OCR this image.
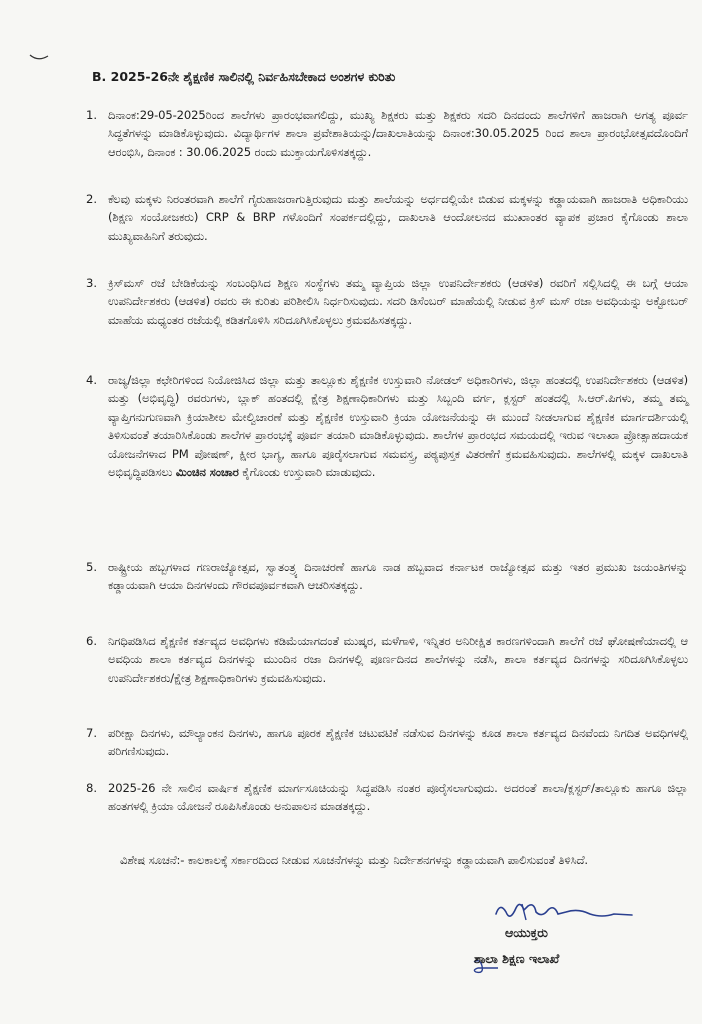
B. 2025-26ನೇ ಶೈಕ್ಷಣಿಕ ಸಾಲಿನಲ್ಲಿ ನಿರ್ವಹಿಸಬೇಕಾದ ಅಂಶಗಳ ಕುರಿತು
1. ದಿನಾಂಕ:29-05-2025ರಿಂದ ಶಾಲೆಗಳು ಪ್ರಾರಂಭವಾಗಲಿದ್ದು, ಮುಖ್ಯ ಶಿಕ್ಷಕರು ಮತ್ತು ಶಿಕ್ಷಕರು ಸದರಿ ದಿನದಂದು ಶಾಲೆಗಳಿಗೆ ಹಾಜರಾಗಿ ಅಗತ್ಯ ಪೂರ್ವ ಸಿದ್ಧತೆಗಳನ್ನು ಮಾಡಿಕೊಳ್ಳುವುದು. ವಿದ್ಯಾರ್ಥಿಗಳ ಶಾಲಾ ಪ್ರವೇಶಾತಿಯನ್ನು/ದಾಖಲಾತಿಯನ್ನು ದಿನಾಂಕ:30.05.2025 ರಿಂದ ಶಾಲಾ ಪ್ರಾರಂಭೋತ್ಸವದೊಂದಿಗೆ ಆರಂಭಿಸಿ, ದಿನಾಂಕ : 30.06.2025 ರಂದು ಮುಕ್ತಾಯಗೊಳಿಸತಕ್ಕದ್ದು.
2. ಕೆಲವು ಮಕ್ಕಳು ನಿರಂತರವಾಗಿ ಶಾಲೆಗೆ ಗೈರುಹಾಜರಾಗುತ್ತಿರುವುದು ಮತ್ತು ಶಾಲೆಯನ್ನು ಅರ್ಧದಲ್ಲಿಯೇ ಬಿಡುವ ಮಕ್ಕಳನ್ನು ಕಡ್ಡಾಯವಾಗಿ ಹಾಜರಾತಿ ಅಧಿಕಾರಿಯು (ಶಿಕ್ಷಣ ಸಂಯೋಜಕರು) CRP & BRP ಗಳೊಂದಿಗೆ ಸಂಪರ್ಕದಲ್ಲಿದ್ದು, ದಾಖಲಾತಿ ಆಂದೋಲನದ ಮುಖಾಂತರ ವ್ಯಾಪಕ ಪ್ರಚಾರ ಕೈಗೊಂಡು ಶಾಲಾ ಮುಖ್ಯವಾಹಿನಿಗೆ ತರುವುದು.
3. ಕ್ರಿಸ್‌ಮಸ್ ರಜೆ ಬೇಡಿಕೆಯನ್ನು ಸಂಬಂಧಿಸಿದ ಶಿಕ್ಷಣ ಸಂಸ್ಥೆಗಳು ತಮ್ಮ ವ್ಯಾಪ್ತಿಯ ಜಿಲ್ಲಾ ಉಪನಿರ್ದೇಶಕರು (ಆಡಳಿತ) ರವರಿಗೆ ಸಲ್ಲಿಸಿದಲ್ಲಿ ಈ ಬಗ್ಗೆ ಆಯಾ ಉಪನಿರ್ದೇಶಕರು (ಆಡಳಿತ) ರವರು ಈ ಕುರಿತು ಪರಿಶೀಲಿಸಿ ನಿರ್ಧರಿಸುವುದು. ಸದರಿ ಡಿಸೆಂಬರ್ ಮಾಹೆಯಲ್ಲಿ ನೀಡುವ ಕ್ರಿಸ್ ಮಸ್ ರಜಾ ಅವಧಿಯನ್ನು ಅಕ್ಟೋಬರ್ ಮಾಹೆಯ ಮಧ್ಯಂತರ ರಜೆಯಲ್ಲಿ ಕಡಿತಗೊಳಿಸಿ ಸರಿದೂಗಿಸಿಕೊಳ್ಳಲು ಕ್ರಮವಹಿಸತಕ್ಕದ್ದು.
4. ರಾಜ್ಯ/ಜಿಲ್ಲಾ ಕಛೇರಿಗಳಿಂದ ನಿಯೋಜಿಸಿದ ಜಿಲ್ಲಾ ಮತ್ತು ತಾಲ್ಲೂಕು ಶೈಕ್ಷಣಿಕ ಉಸ್ತುವಾರಿ ನೋಡಲ್ ಅಧಿಕಾರಿಗಳು, ಜಿಲ್ಲಾ ಹಂತದಲ್ಲಿ ಉಪನಿರ್ದೇಶಕರು (ಆಡಳಿತ) ಮತ್ತು (ಅಭಿವೃದ್ಧಿ) ರವರುಗಳು, ಬ್ಲಾಕ್ ಹಂತದಲ್ಲಿ ಕ್ಷೇತ್ರ ಶಿಕ್ಷಣಾಧಿಕಾರಿಗಳು ಮತ್ತು ಸಿಬ್ಬಂದಿ ವರ್ಗ, ಕ್ಲಸ್ಟರ್ ಹಂತದಲ್ಲಿ ಸಿ.ಆರ್.ಪಿಗಳು, ತಮ್ಮ ತಮ್ಮ ವ್ಯಾಪ್ತಿಗನುಗುಣವಾಗಿ ಕ್ರಿಯಾಶೀಲ ಮೇಲ್ವಿಚಾರಣೆ ಮತ್ತು ಶೈಕ್ಷಣಿಕ ಉಸ್ತುವಾರಿ ಕ್ರಿಯಾ ಯೋಜನೆಯನ್ನು ಈ ಮುಂದೆ ನೀಡಲಾಗುವ ಶೈಕ್ಷಣಿಕ ಮಾರ್ಗದರ್ಶಿಯಲ್ಲಿ ತಿಳಿಸುವಂತೆ ತಯಾರಿಸಿಕೊಂಡು ಶಾಲೆಗಳ ಪ್ರಾರಂಭಕ್ಕೆ ಪೂರ್ವ ತಯಾರಿ ಮಾಡಿಕೊಳ್ಳುವುದು. ಶಾಲೆಗಳ ಪ್ರಾರಂಭದ ಸಮಯದಲ್ಲಿ ಇರುವ ಇಲಾಖಾ ಪ್ರೋತ್ಸಾಹದಾಯಕ ಯೋಜನೆಗಳಾದ PM ಪೋಷಣ್, ಕ್ಷೀರ ಭಾಗ್ಯ, ಹಾಗೂ ಪೂರೈಸಲಾಗುವ ಸಮವಸ್ತ್ರ, ಪಠ್ಯಪುಸ್ತಕ ವಿತರಣೆಗೆ ಕ್ರಮವಹಿಸುವುದು. ಶಾಲೆಗಳಲ್ಲಿ ಮಕ್ಕಳ ದಾಖಲಾತಿ ಅಭಿವೃದ್ಧಿಪಡಿಸಲು ಮಿಂಚಿನ ಸಂಚಾರ ಕೈಗೊಂಡು ಉಸ್ತುವಾರಿ ಮಾಡುವುದು.
5. ರಾಷ್ಟ್ರೀಯ ಹಬ್ಬಗಳಾದ ಗಣರಾಜ್ಯೋತ್ಸವ, ಸ್ವಾತಂತ್ರ್ಯ ದಿನಾಚರಣೆ ಹಾಗೂ ನಾಡ ಹಬ್ಬವಾದ ಕರ್ನಾಟಕ ರಾಜ್ಯೋತ್ಸವ ಮತ್ತು ಇತರ ಪ್ರಮುಖ ಜಯಂತಿಗಳನ್ನು ಕಡ್ಡಾಯವಾಗಿ ಆಯಾ ದಿನಗಳಂದು ಗೌರವಪೂರ್ವಕವಾಗಿ ಆಚರಿಸತಕ್ಕದ್ದು.
6. ನಿಗಧಿಪಡಿಸಿದ ಶೈಕ್ಷಣಿಕ ಕರ್ತವ್ಯದ ಅವಧಿಗಳು ಕಡಿಮೆಯಾಗದಂತೆ ಮುಷ್ಕರ, ಮಳೆಗಾಳಿ, ಇನ್ನಿತರ ಅನಿರೀಕ್ಷಿತ ಕಾರಣಗಳಿಂದಾಗಿ ಶಾಲೆಗೆ ರಜೆ ಘೋಷಣೆಯಾದಲ್ಲಿ ಆ ಅವಧಿಯ ಶಾಲಾ ಕರ್ತವ್ಯದ ದಿನಗಳನ್ನು ಮುಂದಿನ ರಜಾ ದಿನಗಳಲ್ಲಿ ಪೂರ್ಣದಿನದ ಶಾಲೆಗಳನ್ನು ನಡೆಸಿ, ಶಾಲಾ ಕರ್ತವ್ಯದ ದಿನಗಳನ್ನು ಸರಿದೂಗಿಸಿಕೊಳ್ಳಲು ಉಪನಿರ್ದೇಶಕರು/ಕ್ಷೇತ್ರ ಶಿಕ್ಷಣಾಧಿಕಾರಿಗಳು ಕ್ರಮವಹಿಸುವುದು.
7. ಪರೀಕ್ಷಾ ದಿನಗಳು, ಮೌಲ್ಯಾಂಕನ ದಿನಗಳು, ಹಾಗೂ ಪೂರಕ ಶೈಕ್ಷಣಿಕ ಚಟುವಟಿಕೆ ನಡೆಸುವ ದಿನಗಳನ್ನು ಕೂಡ ಶಾಲಾ ಕರ್ತವ್ಯದ ದಿನವೆಂದು ನಿಗದಿತ ಅವಧಿಗಳಲ್ಲಿ ಪರಿಗಣಿಸುವುದು.
8. 2025-26 ನೇ ಸಾಲಿನ ವಾರ್ಷಿಕ ಶೈಕ್ಷಣಿಕ ಮಾರ್ಗಸೂಚಿಯನ್ನು ಸಿದ್ಧಪಡಿಸಿ ನಂತರ ಪೂರೈಸಲಾಗುವುದು. ಅದರಂತೆ ಶಾಲಾ/ಕ್ಲಸ್ಟರ್/ತಾಲ್ಲೂಕು ಹಾಗೂ ಜಿಲ್ಲಾ ಹಂತಗಳಲ್ಲಿ ಕ್ರಿಯಾ ಯೋಜನೆ ರೂಪಿಸಿಕೊಂಡು ಅನುಪಾಲನ ಮಾಡತಕ್ಕದ್ದು.
ವಿಶೇಷ ಸೂಚನೆ:- ಕಾಲಕಾಲಕ್ಕೆ ಸರ್ಕಾರದಿಂದ ನೀಡುವ ಸೂಚನೆಗಳನ್ನು ಮತ್ತು ನಿರ್ದೇಶನಗಳನ್ನು ಕಡ್ಡಾಯವಾಗಿ ಪಾಲಿಸುವಂತೆ ತಿಳಿಸಿದೆ.
ಆಯುಕ್ತರು
ಶಾಲಾ ಶಿಕ್ಷಣ ಇಲಾಖೆ
